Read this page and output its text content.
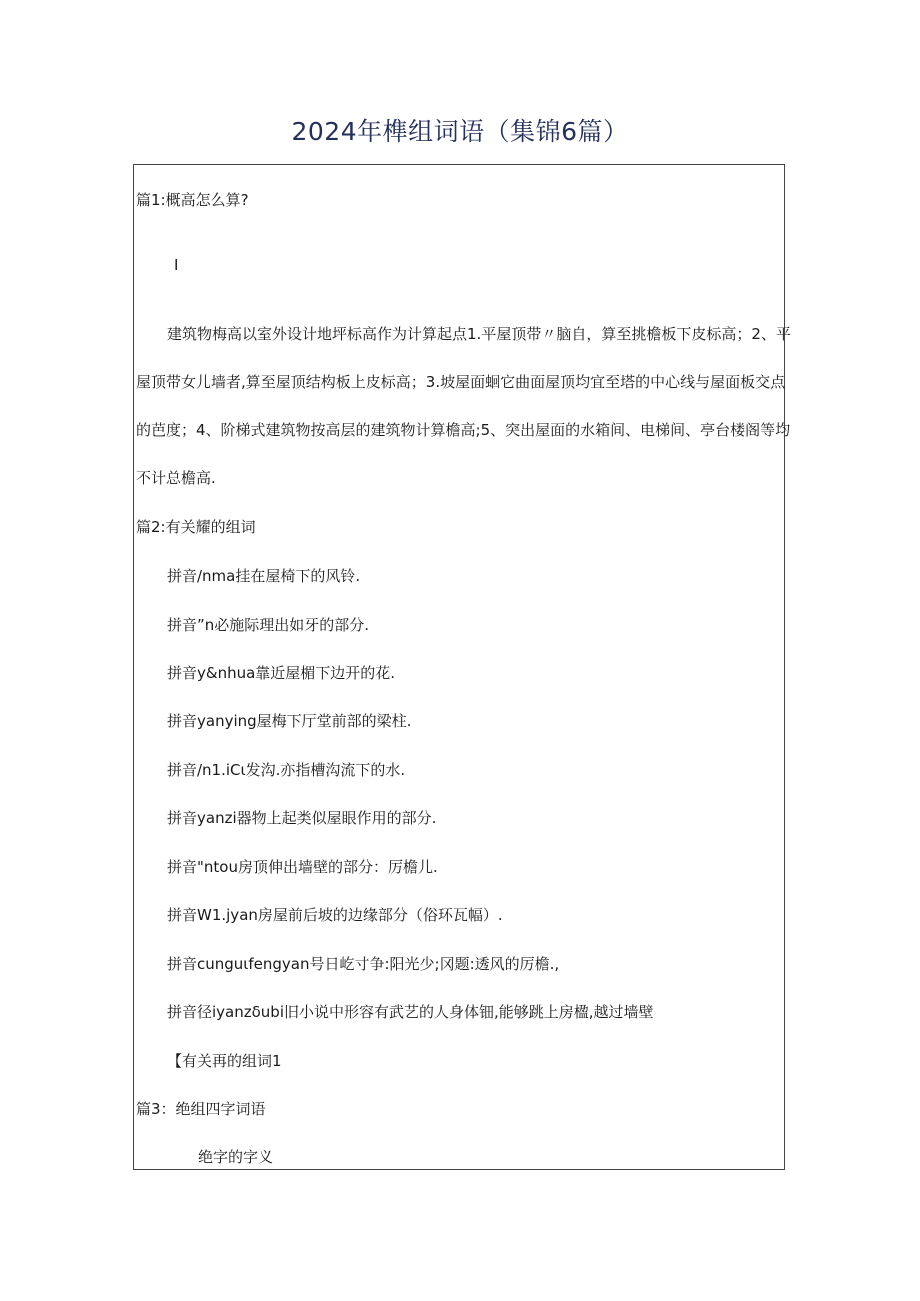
2024年榫组词语（集锦6篇）
篇1:概高怎么算?
I
建筑物梅高以室外设计地坪标高作为计算起点1.平屋顶带〃脑自，算至挑檐板下皮标高；2、平
屋顶带女儿墙者,算至屋顶结构板上皮标高；3.坡屋面蛔它曲面屋顶均宜至塔的中心线与屋面板交点
的芭度；4、阶梯式建筑物按高层的建筑物计算檐高;5、突出屋面的水箱间、电梯间、亭台楼阁等均
不计总檐高.
篇2:有关耀的组词
拼音/nma挂在屋椅下的风铃.
拼音”n必施际理出如牙的部分.
拼音y&nhua靠近屋楣下边开的花.
拼音yanying屋梅下厅堂前部的梁柱.
拼音/n1.iCι发沟.亦指槽沟流下的水.
拼音yanzi器物上起类似屋眼作用的部分.
拼音"ntou房顶伸出墙壁的部分：厉檐儿.
拼音W1.jyan房屋前后坡的边缘部分（俗环瓦幅）.
拼音cunguιfengyan号日屹寸争:阳光少;冈题:透风的厉檐.,
拼音径iyanzδubi旧小说中形容有武艺的人身体钿,能够跳上房楹,越过墙壁
【有关再的组词1
篇3：绝组四字词语
绝字的字义
